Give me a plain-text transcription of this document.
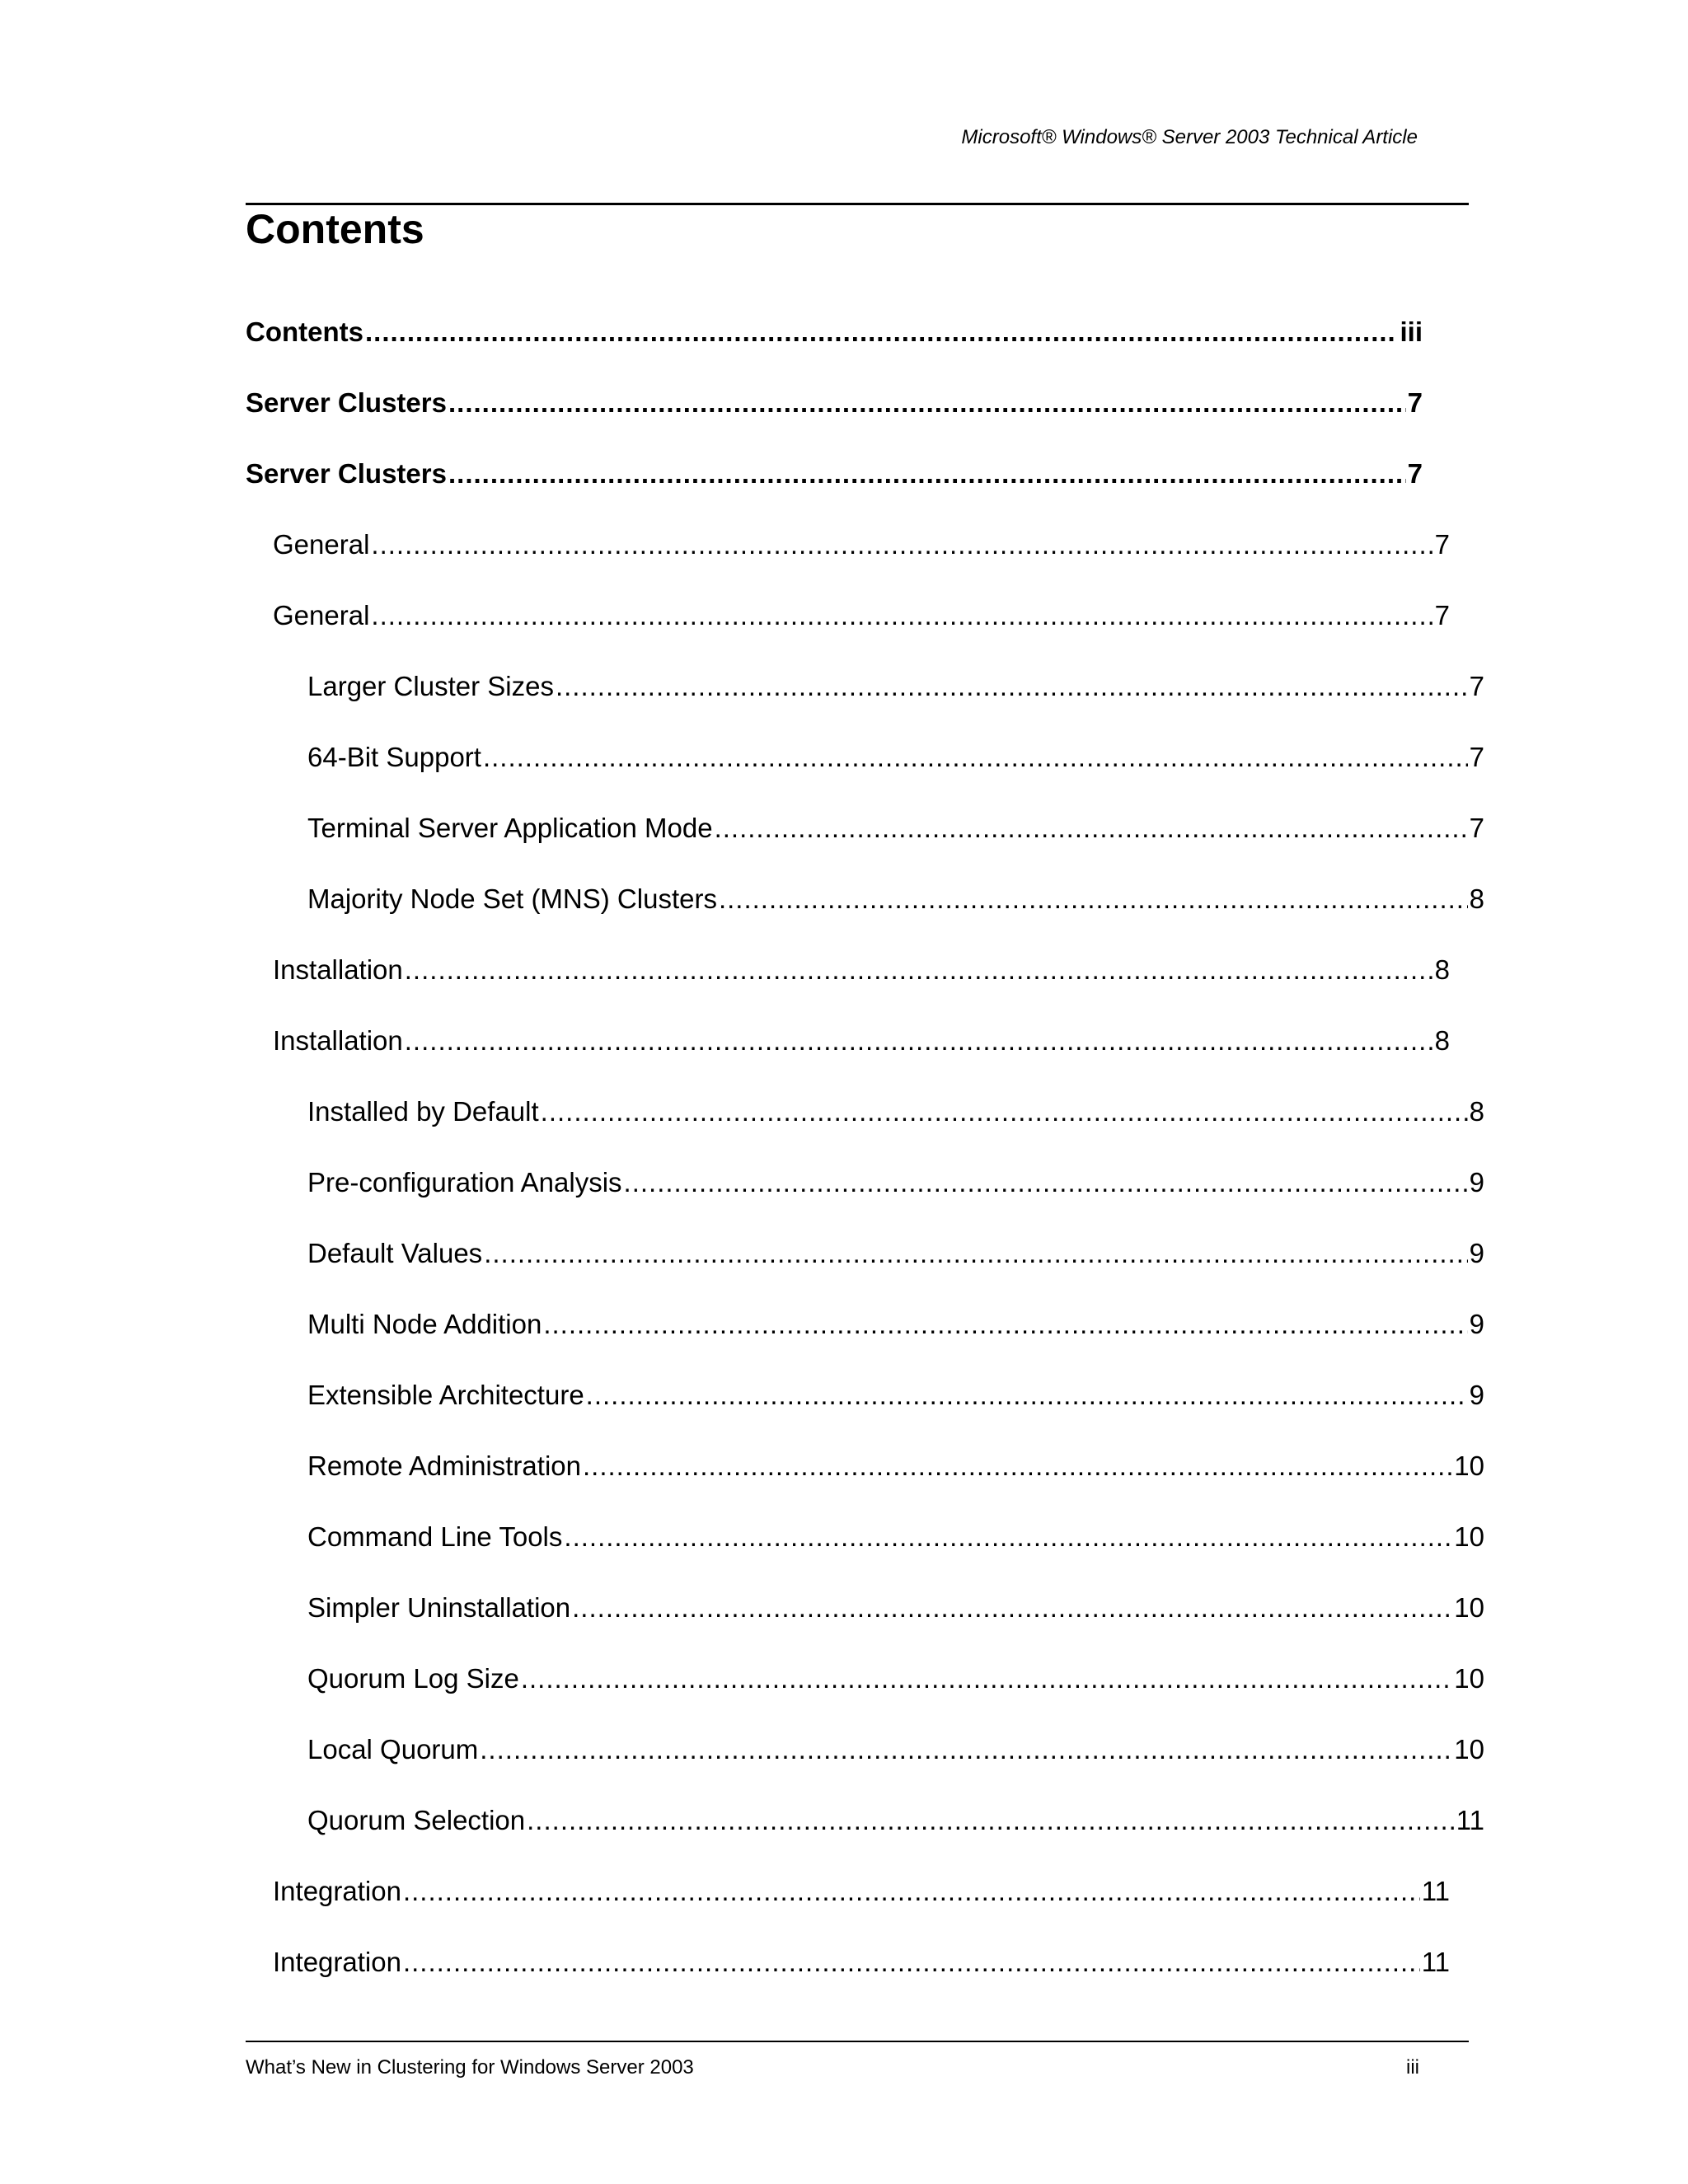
Microsoft® Windows® Server 2003 Technical Article
Contents
Contents .....	iii
Server Clusters .....	7
Server Clusters .....	7
General .....	7
General .....	7
Larger Cluster Sizes .....	7
64-Bit Support .....	7
Terminal Server Application Mode .....	7
Majority Node Set (MNS) Clusters .....	8
Installation .....	8
Installation .....	8
Installed by Default .....	8
Pre-configuration Analysis .....	9
Default Values .....	9
Multi Node Addition .....	9
Extensible Architecture .....	9
Remote Administration .....	10
Command Line Tools .....	10
Simpler Uninstallation .....	10
Quorum Log Size .....	10
Local Quorum .....	10
Quorum Selection .....	11
Integration .....	11
Integration .....	11
What’s New in Clustering for Windows Server 2003	iii
